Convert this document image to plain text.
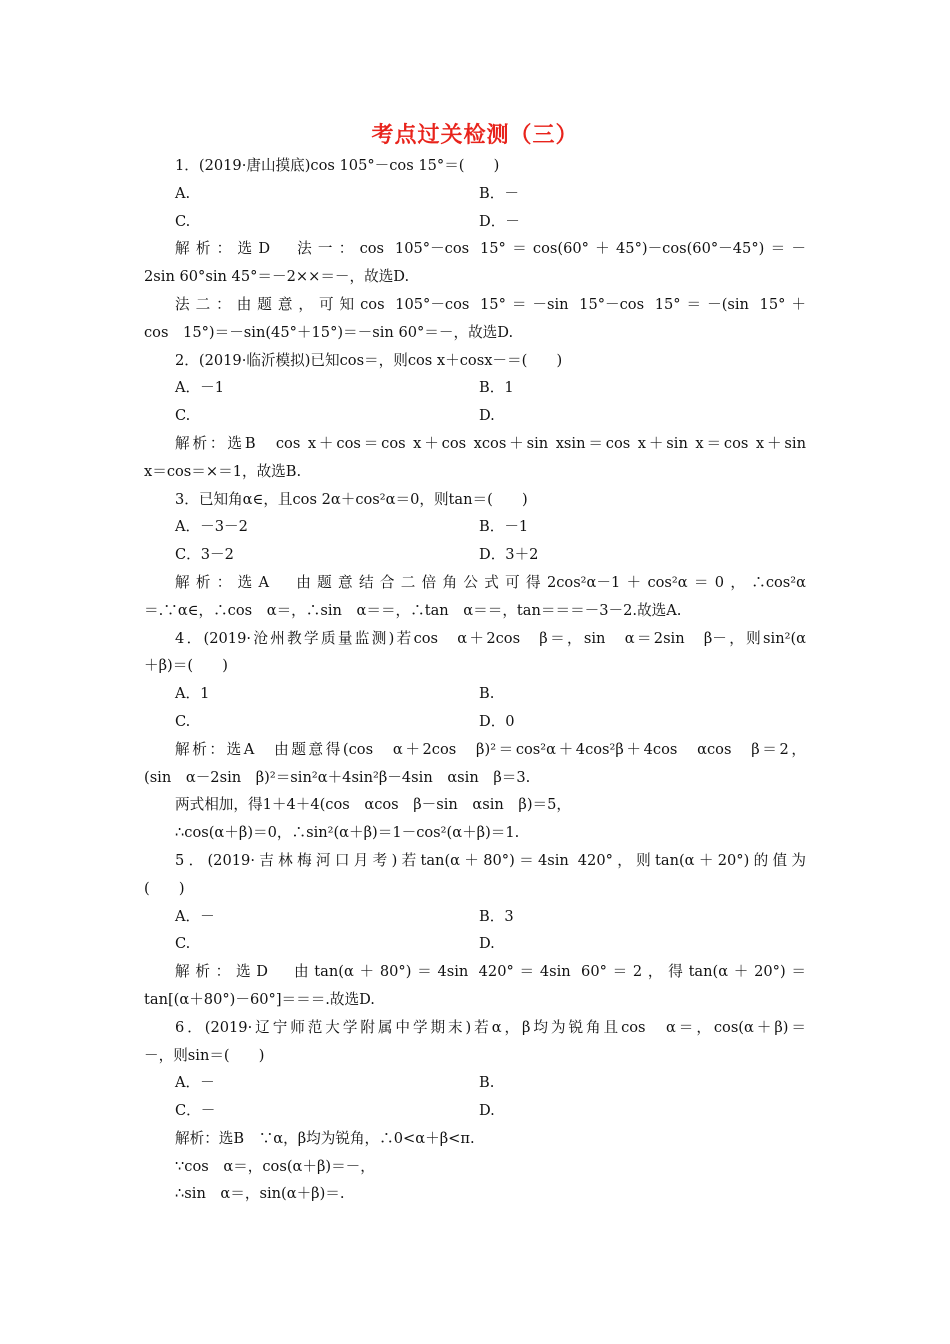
考点过关检测（三）
1．(2019·唐山摸底)cos 105°－cos 15°＝(　　)
A.	B．－
C.	D．－
解析：选D　法一：cos 105°－cos 15°＝cos(60°＋45°)－cos(60°－45°)＝－
2sin 60°sin 45°＝－2××＝－，故选D.
法二：由题意，可知cos 105°－cos 15°＝－sin 15°－cos 15°＝－(sin 15°＋
cos　15°)＝－sin(45°＋15°)＝－sin 60°＝－，故选D.
2．(2019·临沂模拟)已知cos＝，则cos x＋cosx－＝(　　)
A．－1	B．1
C.	D.
解析：选B　cos x＋cos＝cos x＋cos xcos＋sin xsin＝cos x＋sin x＝cos x＋sin
x＝cos＝×＝1，故选B.
3．已知角α∈，且cos 2α＋cos²α＝0，则tan＝(　　)
A．－3－2	B．－1
C．3－2	D．3＋2
解析：选A　由题意结合二倍角公式可得2cos²α－1＋cos²α＝0，∴cos²α
＝.∵α∈，∴cos　α＝，∴sin　α＝＝，∴tan　α＝＝，tan＝＝＝－3－2.故选A.
4．(2019·沧州教学质量监测)若cos　α＋2cos　β＝，sin　α＝2sin　β－，则sin²(α
＋β)＝(　　)
A．1	B.
C.	D．0
解析：选A　由题意得(cos　α＋2cos　β)²＝cos²α＋4cos²β＋4cos　αcos　β＝2，
(sin　α－2sin　β)²＝sin²α＋4sin²β－4sin　αsin　β＝3.
两式相加，得1＋4＋4(cos　αcos　β－sin　αsin　β)＝5，
∴cos(α＋β)＝0，∴sin²(α＋β)＝1－cos²(α＋β)＝1.
5．(2019·吉林梅河口月考)若tan(α＋80°)＝4sin 420°，则tan(α＋20°)的值为
(　　)
A．－	B．3
C.	D.
解析：选D　由tan(α＋80°)＝4sin 420°＝4sin 60°＝2，得tan(α＋20°)＝
tan[(α＋80°)－60°]＝＝＝.故选D.
6．(2019·辽宁师范大学附属中学期末)若α，β均为锐角且cos　α＝，cos(α＋β)＝
－，则sin＝(　　)
A．－	B.
C．－	D.
解析：选B　∵α，β均为锐角，∴0<α＋β<π.
∵cos　α＝，cos(α＋β)＝－，
∴sin　α＝，sin(α＋β)＝.
